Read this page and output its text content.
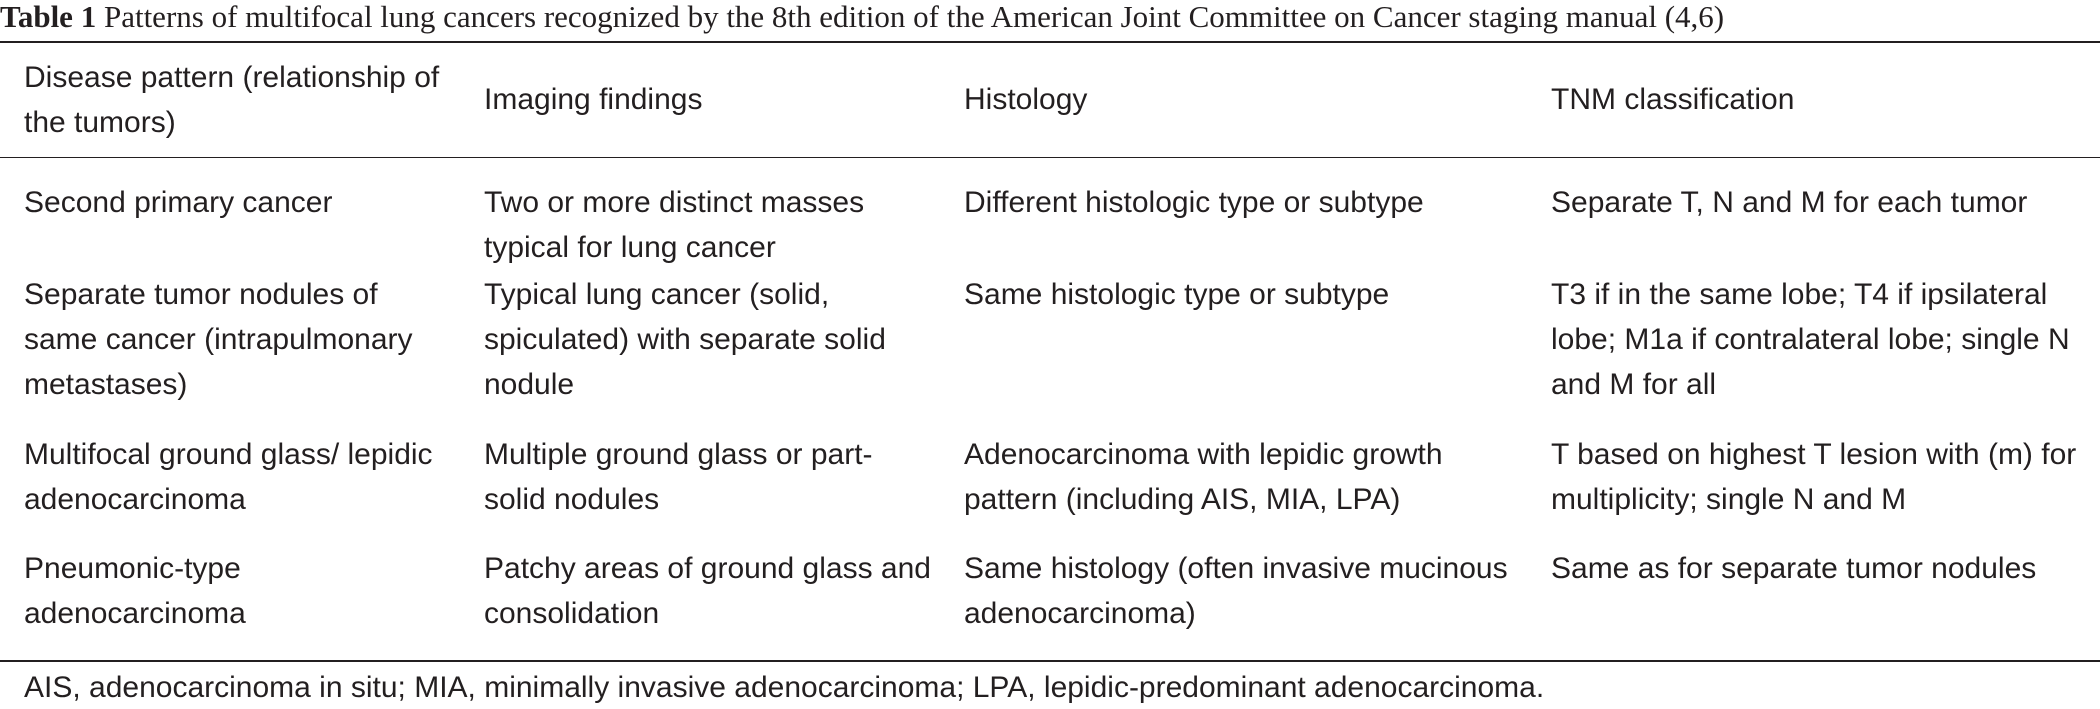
Table 1 Patterns of multifocal lung cancers recognized by the 8th edition of the American Joint Committee on Cancer staging manual (4,6)
Disease pattern (relationship of the tumors)	Imaging findings	Histology	TNM classification

Second primary cancer	Two or more distinct masses typical for lung cancer	Different histologic type or subtype	Separate T, N and M for each tumor

Separate tumor nodules of same cancer (intrapulmonary metastases)	Typical lung cancer (solid, spiculated) with separate solid nodule	Same histologic type or subtype	T3 if in the same lobe; T4 if ipsilateral lobe; M1a if contralateral lobe; single N and M for all

Multifocal ground glass/ lepidic adenocarcinoma	Multiple ground glass or part-solid nodules	Adenocarcinoma with lepidic growth pattern (including AIS, MIA, LPA)	T based on highest T lesion with (m) for multiplicity; single N and M

Pneumonic-type adenocarcinoma	Patchy areas of ground glass and consolidation	Same histology (often invasive mucinous adenocarcinoma)	Same as for separate tumor nodules
AIS, adenocarcinoma in situ; MIA, minimally invasive adenocarcinoma; LPA, lepidic-predominant adenocarcinoma.
